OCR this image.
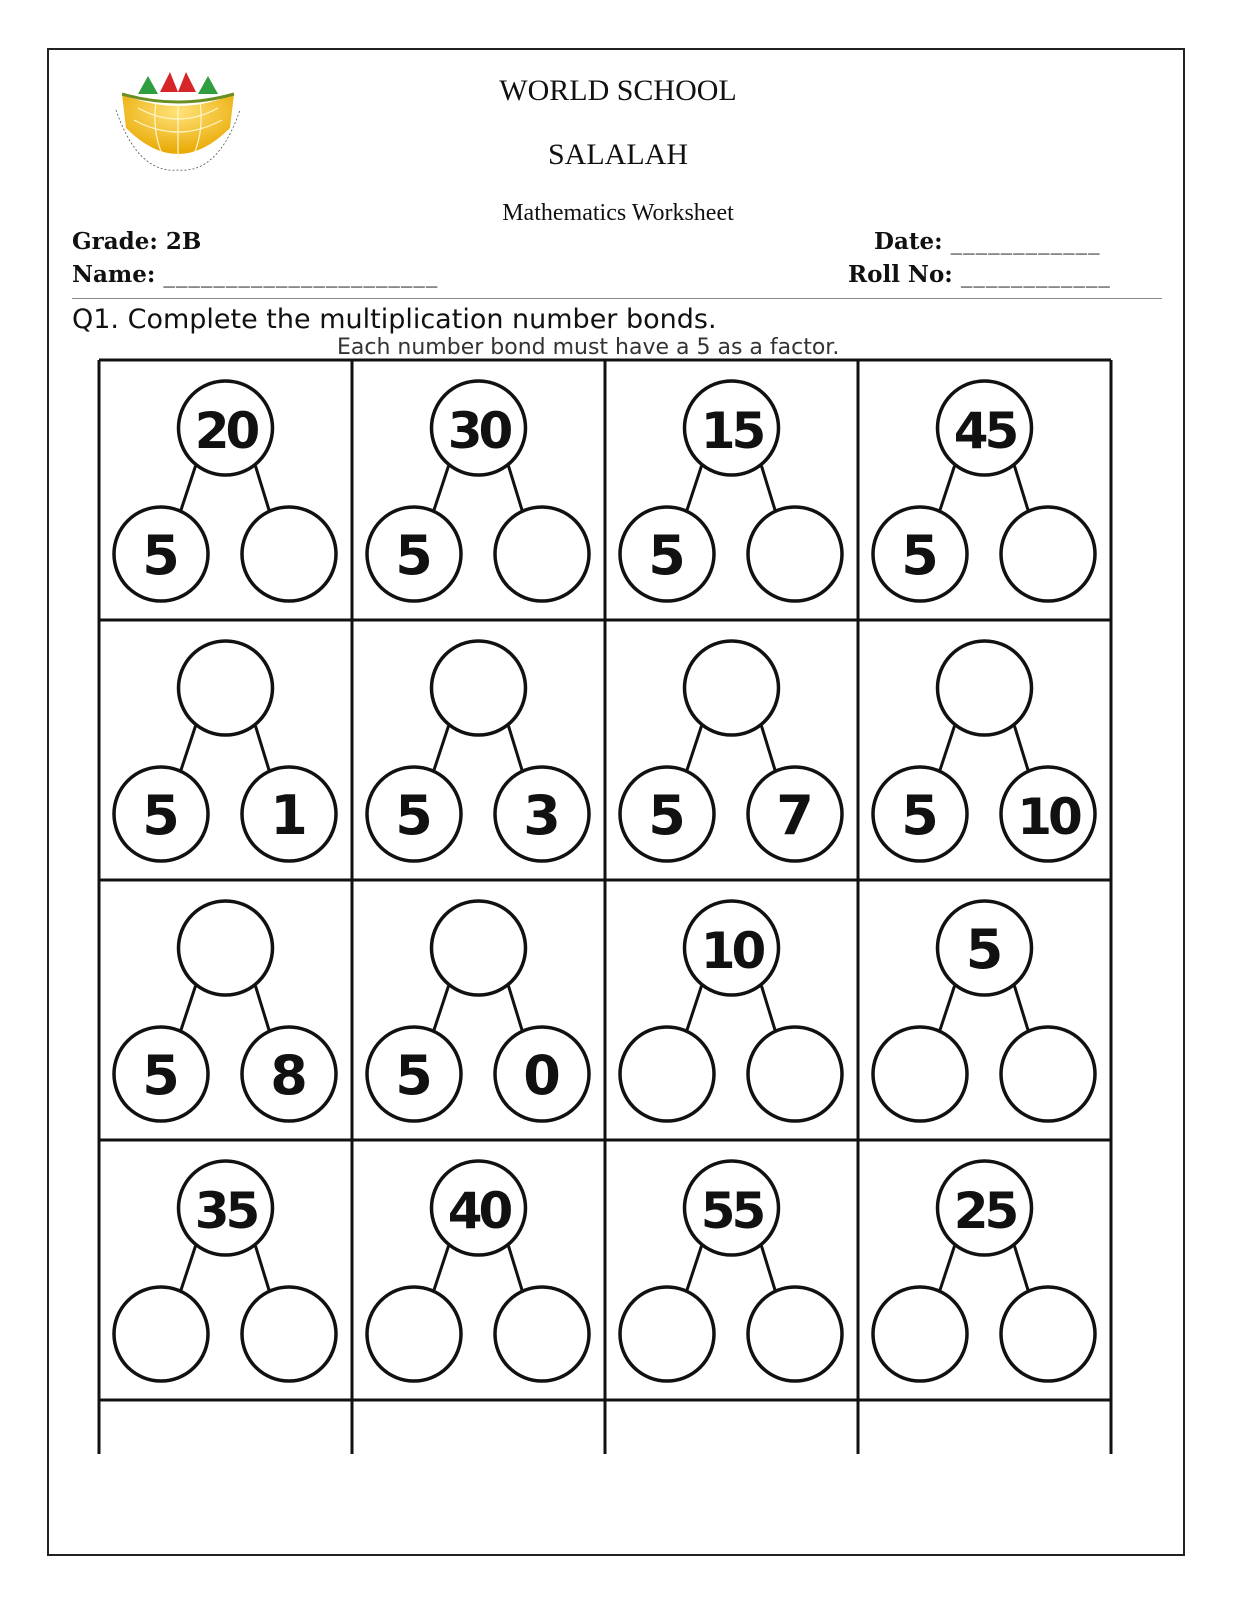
WORLD SCHOOL
SALALAH
Mathematics Worksheet
Grade: 2B
Name: ______________________
Date: ____________
Roll No: ____________
Q1. Complete the multiplication number bonds.
Each number bond must have a 5 as a factor.
20
5
30
5
15
5
45
5
5 1 5 3 5 7 5 10
5 8 5 0
10	5
35	40	55	25
